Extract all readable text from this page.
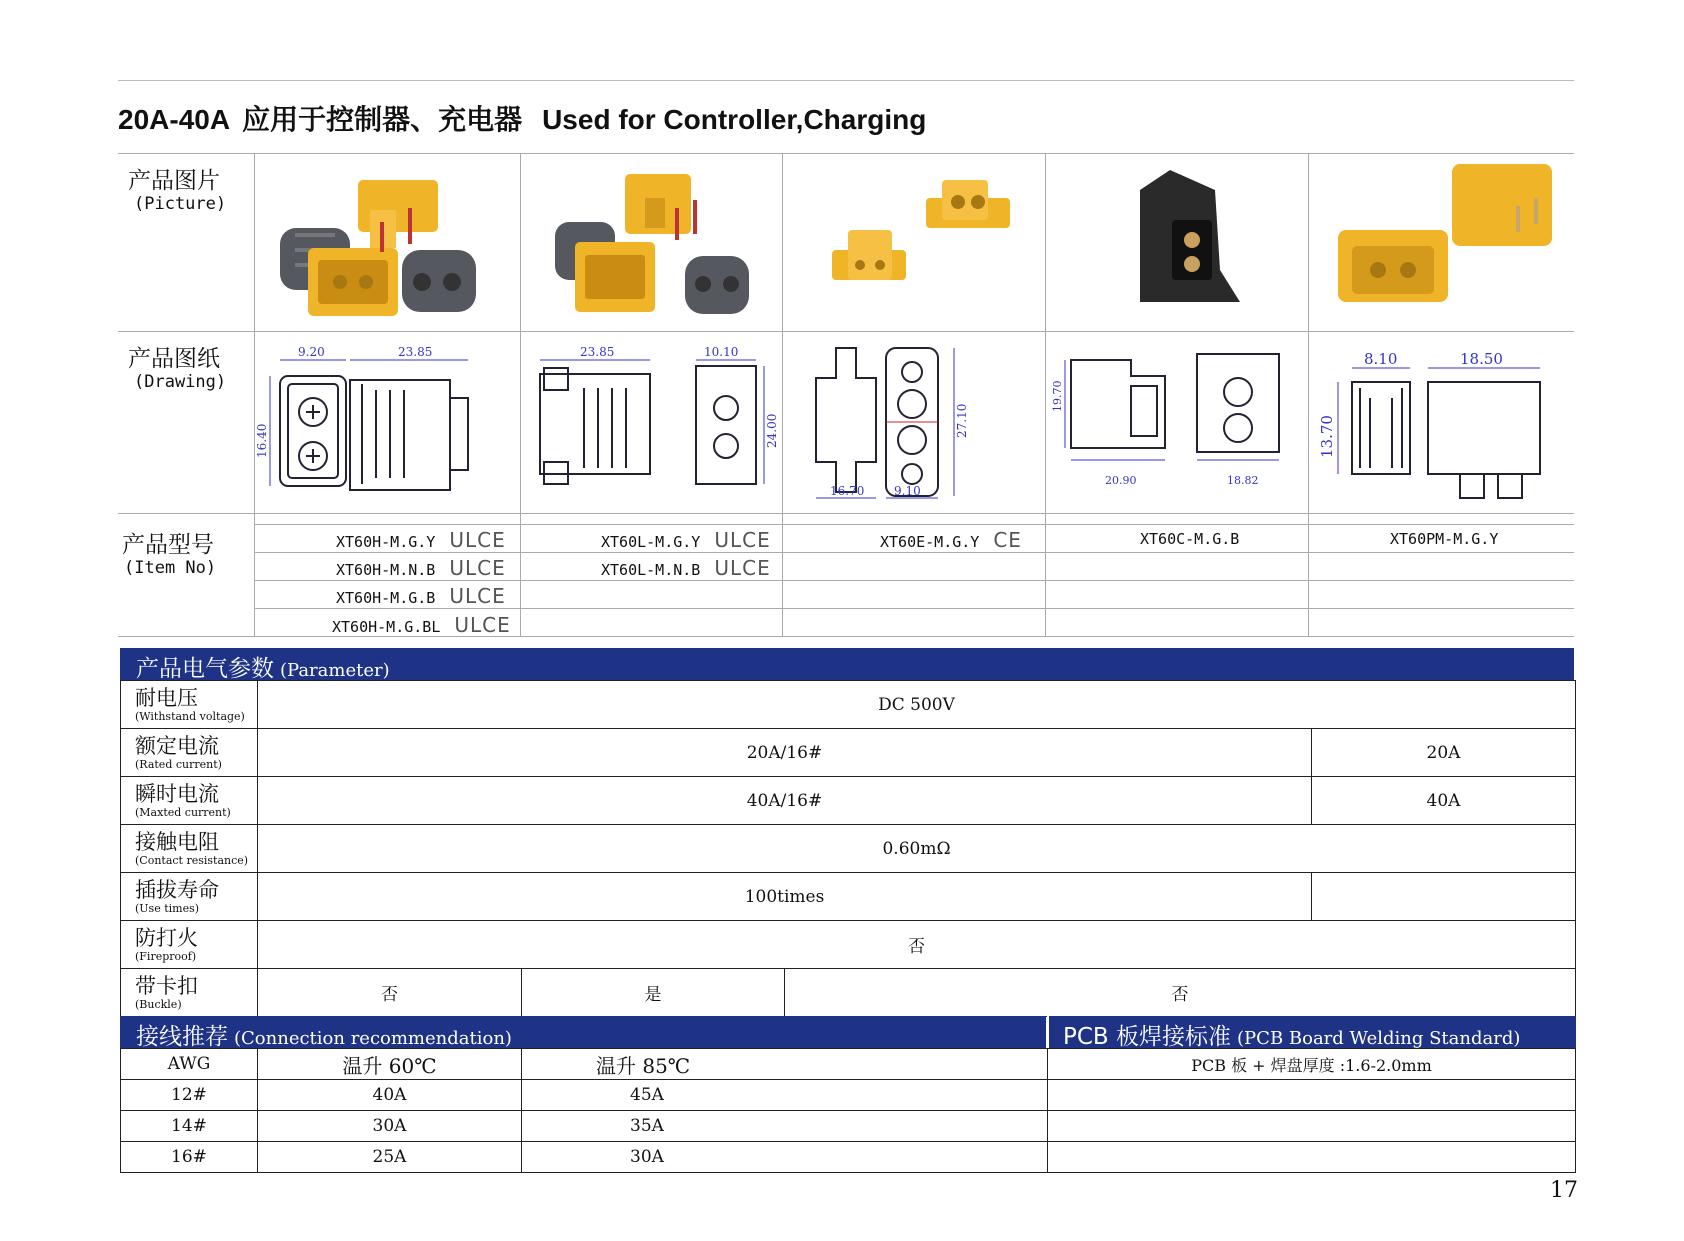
20A-40A 应用于控制器、充电器 Used for Controller,Charging
产品图片
(Picture)
产品图纸
(Drawing)
产品型号
(Item No)
9.20	23.85
16.40
23.85	10.10
24.00
16.70 9.10
27.10
20.90	18.82
19.70
8.10	18.50
13.70
XT60H-M.G.Y ULCE
XT60H-M.N.B ULCE
XT60H-M.G.B ULCE
XT60H-M.G.BL ULCE
XT60L-M.G.Y ULCE
XT60L-M.N.B ULCE
XT60E-M.G.Y CE	XT60C-M.G.B	XT60PM-M.G.Y
产品电气参数 (Parameter)
耐电压
(Withstand voltage)	DC 500V			

额定电流
(Rated current)	20A/16#			20A

瞬时电流
(Maxted current)	40A/16#			40A

接触电阻
(Contact resistance)	0.60mΩ			

插拔寿命
(Use times)	100times			

防打火
(Fireproof)	否			

带卡扣
(Buckle)	否	是	否	
接线推荐 (Connection recommendation)	PCB 板焊接标准 (PCB Board Welding Standard)
AWG	温升 60℃	温升 85℃	PCB 板 + 焊盘厚度 :1.6-2.0mm
12#	40A	45A	
14#	30A	35A	
16#	25A	30A	
17
